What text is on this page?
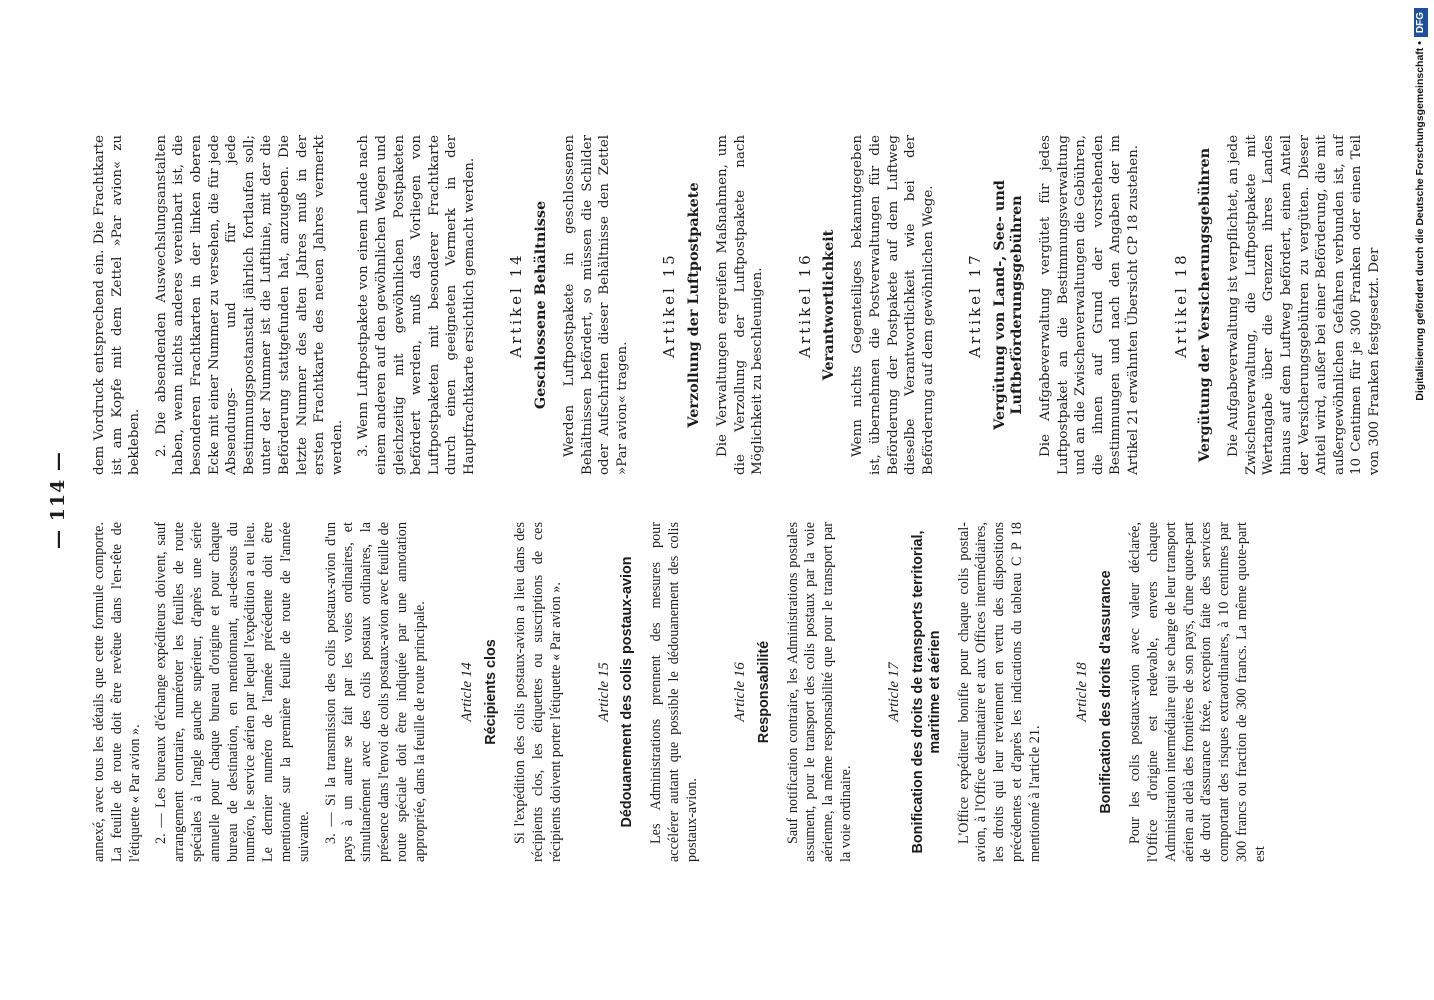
— 114 —

annexé, avec tous les détails que cette formule comporte. La feuille de route doit être revêtue dans l'en-tête de l'étiquette « Par avion ». 2. — Les bureaux d'échange expéditeurs doivent, sauf arrangement contraire, numéroter les feuilles de route spéciales à l'angle gauche supérieur, d'après une série annuelle pour chaque bureau d'origine et pour chaque bureau de destination, en mentionnant, au-dessous du numéro, le service aérien par lequel l'expédition a eu lieu. Le dernier numéro de l'année précédente doit être mentionné sur la première feuille de route de l'année suivante. 3. — Si la transmission des colis postaux-avion d'un pays à un autre se fait par les voies ordinaires, et simultanément avec des colis postaux ordinaires, la présence dans l'envoi de colis postaux-avion avec feuille de route spéciale doit être indiquée par une annotation appropriée, dans la feuille de route principale. Article 14 Récipients clos Si l'expédition des colis postaux-avion a lieu dans des récipients clos, les étiquettes ou suscriptions de ces récipients doivent porter l'étiquette « Par avion ». Article 15 Dédouanement des colis postaux-avion Les Administrations prennent des mesures pour accélérer autant que possible le dédouanement des colis postaux-avion.

Article 16 Responsabilité Sauf notification contraire, les Administrations postales assument, pour le transport des colis postaux par la voie aérienne, la même responsabilité que pour le transport par la voie ordinaire.

Article 17 Bonification des droits de transports territorial, maritime et aérien L'Office expéditeur bonifie pour chaque colis postal-avion, à l'Office destinataire et aux Offices intermédiaires, les droits qui leur reviennent en vertu des dispositions précédentes et d'après les indications du tableau C P 18 mentionné à l'article 21.

Article 18 Bonification des droits d'assurance Pour les colis postaux-avion avec valeur déclarée, l'Office d'origine est redevable, envers chaque Administration intermédiaire qui se charge de leur transport aérien au delà des frontières de son pays, d'une quote-part de droit d'assurance fixée, exception faite des services comportant des risques extraordinaires, à 10 centimes par 300 francs ou fraction de 300 francs. La même quote-part est

dem Vordruck entsprechend ein. Die Frachtkarte ist am Kopfe mit dem Zettel »Par avion« zu bekleben. 2. Die absendenden Auswechslungsanstalten haben, wenn nichts anderes vereinbart ist, die besonderen Frachtkarten in der linken oberen Ecke mit einer Nummer zu versehen, die für jede Absendungs- und für jede Bestimmungspostanstalt jährlich fortlaufen soll; unter der Nummer ist die Luftlinie, mit der die Beförderung stattgefunden hat, anzugeben. Die letzte Nummer des alten Jahres muß in der ersten Frachtkarte des neuen Jahres vermerkt werden. 3. Wenn Luftpostpakete von einem Lande nach einem anderen auf den gewöhnlichen Wegen und gleichzeitig mit gewöhnlichen Postpaketen befördert werden, muß das Vorliegen von Luftpostpaketen mit besonderer Frachtkarte durch einen geeigneten Vermerk in der Hauptfrachtkarte ersichtlich gemacht werden. Artikel 14 Geschlossene Behältnisse Werden Luftpostpakete in geschlossenen Behältnissen befördert, so müssen die Schilder oder Aufschriften dieser Behältnisse den Zettel »Par avion« tragen.

Artikel 15 Verzollung der Luftpostpakete Die Verwaltungen ergreifen Maßnahmen, um die Verzollung der Luftpostpakete nach Möglichkeit zu beschleunigen. Artikel 16 Verantwortlichkeit Wenn nichts Gegenteiliges bekanntgegeben ist, übernehmen die Postverwaltungen für die Beförderung der Postpakete auf dem Luftweg dieselbe Verantwortlichkeit wie bei der Beförderung auf dem gewöhnlichen Wege. Artikel 17 Vergütung von Land-, See- und Luftbeförderungsgebühren Die Aufgabeverwaltung vergütet für jedes Luftpostpaket an die Bestimmungsverwaltung und an die Zwischenverwaltungen die Gebühren, die ihnen auf Grund der vorstehenden Bestimmungen und nach den Angaben der im Artikel 21 erwähnten Übersicht CP 18 zustehen. Artikel 18 Vergütung der Versicherungsgebühren Die Aufgabeverwaltung ist verpflichtet, an jede Zwischenverwaltung, die Luftpostpakete mit Wertangabe über die Grenzen ihres Landes hinaus auf dem Luftweg befördert, einen Anteil der Versicherungsgebühren zu vergüten. Dieser Anteil wird, außer bei einer Beförderung, die mit außergewöhnlichen Gefahren verbunden ist, auf 10 Centimen für je 300 Franken oder einen Teil von 300 Franken festgesetzt. Der	Digitalisierung gefördert durch die Deutsche Forschungsgemeinschaft •DFG
